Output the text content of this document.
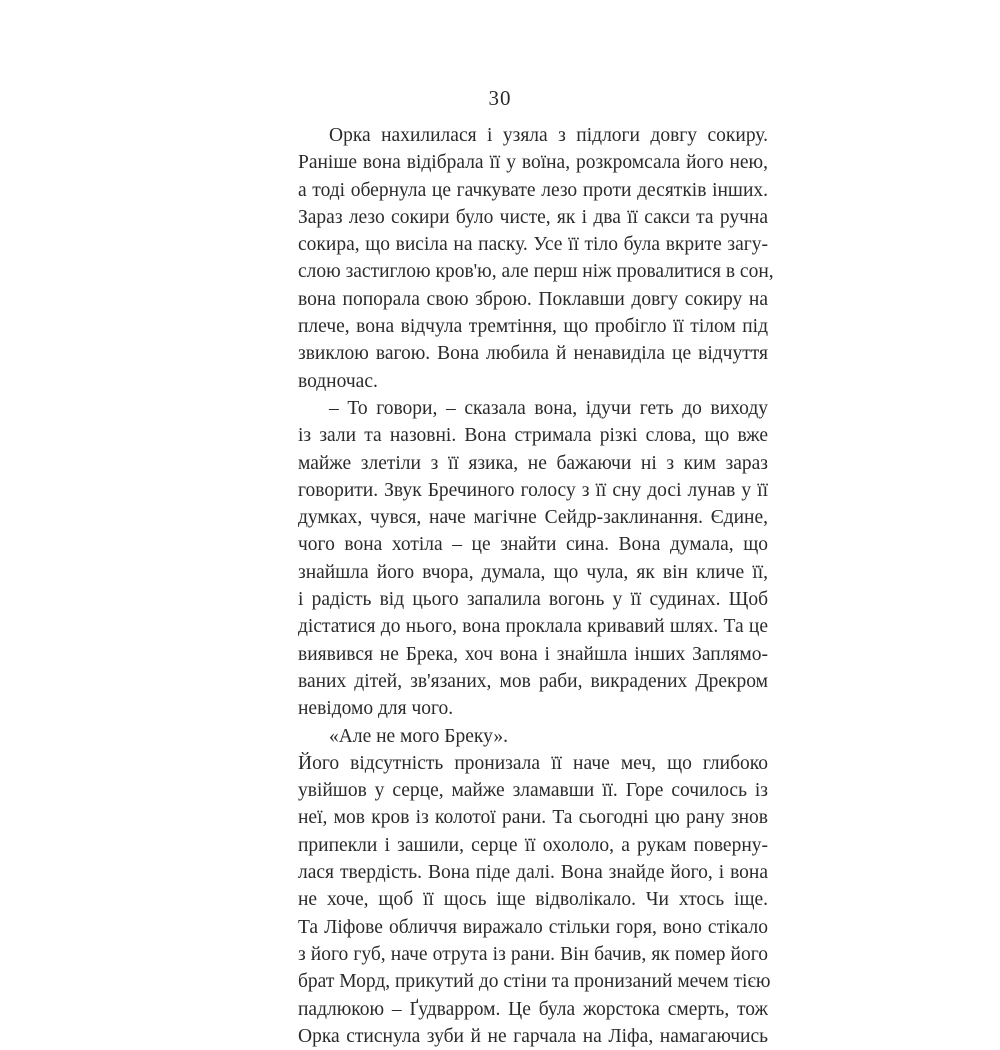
30
Орка нахилилася і узяла з підлоги довгу сокиру.
Раніше вона відібрала її у воїна, розкромсала його нею,
а тоді обернула це гачкувате лезо проти десятків інших.
Зараз лезо сокири було чисте, як і два її сакси та ручна
сокира, що висіла на паску. Усе її тіло була вкрите загу-
слою застиглою кров'ю, але перш ніж провалитися в сон,
вона попорала свою зброю. Поклавши довгу сокиру на
плече, вона відчула тремтіння, що пробігло її тілом під
звиклою вагою. Вона любила й ненавиділа це відчуття
водночас.
– То говори, – сказала вона, ідучи геть до виходу
із зали та назовні. Вона стримала різкі слова, що вже
майже злетіли з її язика, не бажаючи ні з ким зараз
говорити. Звук Бречиного голосу з її сну досі лунав у її
думках, чувся, наче магічне Сейдр-заклинання. Єдине,
чого вона хотіла – це знайти сина. Вона думала, що
знайшла його вчора, думала, що чула, як він кличе її,
і радість від цього запалила вогонь у її судинах. Щоб
дістатися до нього, вона проклала кривавий шлях. Та це
виявився не Брека, хоч вона і знайшла інших Заплямо-
ваних дітей, зв'язаних, мов раби, викрадених Дрекром
невідомо для чого.
«Але не мого Бреку».
Його відсутність пронизала її наче меч, що глибоко
увійшов у серце, майже зламавши її. Горе сочилось із
неї, мов кров із колотої рани. Та сьогодні цю рану знов
припекли і зашили, серце її охололо, а рукам поверну-
лася твердість. Вона піде далі. Вона знайде його, і вона
не хоче, щоб її щось іще відволікало. Чи хтось іще.
Та Ліфове обличчя виражало стільки горя, воно стікало
з його губ, наче отрута із рани. Він бачив, як помер його
брат Морд, прикутий до стіни та пронизаний мечем тією
падлюкою – Ґудварром. Це була жорстока смерть, тож
Орка стиснула зуби й не гарчала на Ліфа, намагаючись
